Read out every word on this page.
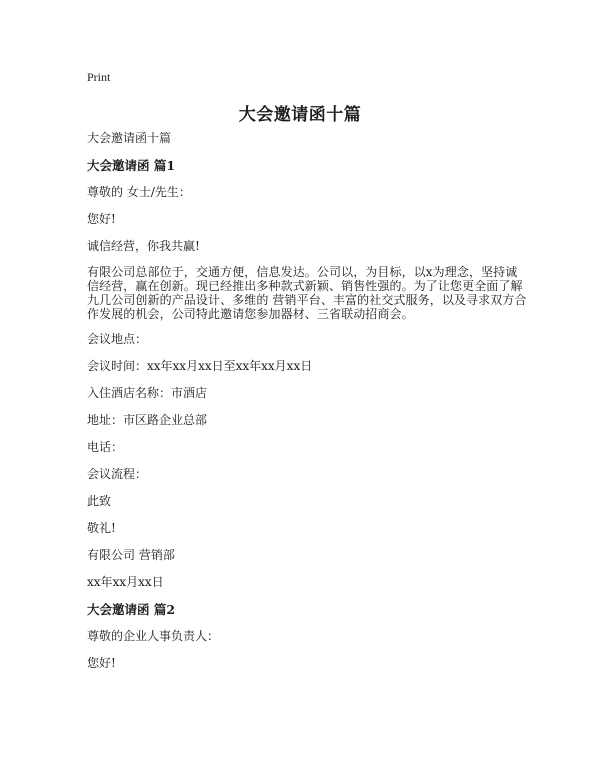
Print
大会邀请函十篇

大会邀请函十篇

大会邀请函 篇1

尊敬的 女士/先生：

您好!

诚信经营，你我共赢!

有限公司总部位于，交通方便，信息发达。公司以，为目标，以x为理念，坚持诚信经营，赢在创新。现已经推出多种款式新颖、销售性强的。为了让您更全面了解九几公司创新的产品设计、多维的 营销平台、丰富的社交式服务，以及寻求双方合作发展的机会，公司特此邀请您参加器材、三省联动招商会。

会议地点：

会议时间：xx年xx月xx日至xx年xx月xx日

入住酒店名称：市酒店

地址：市区路企业总部

电话：

会议流程：

此致

敬礼!

有限公司 营销部

xx年xx月xx日

大会邀请函 篇2

尊敬的企业人事负责人：

您好!
